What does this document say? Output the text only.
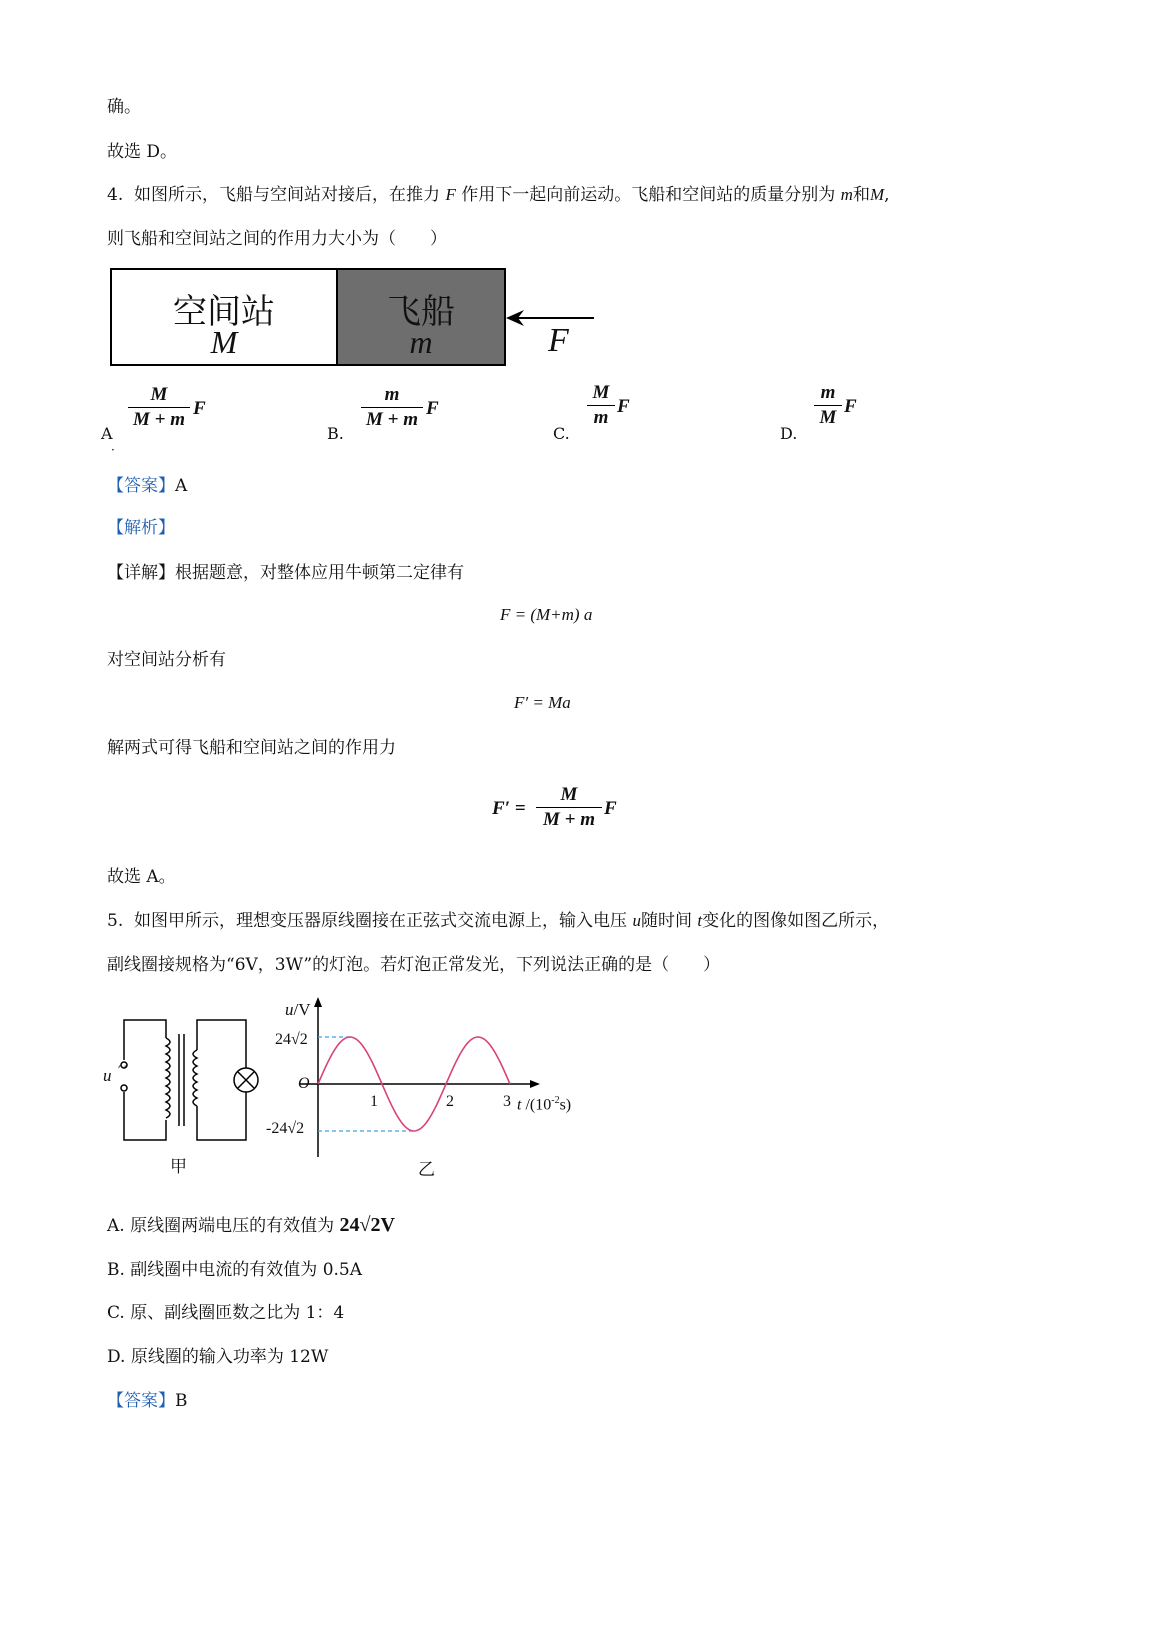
确。
故选 D。
4. 如图所示，飞船与空间站对接后，在推力 F 作用下一起向前运动。飞船和空间站的质量分别为 m和M,
则飞船和空间站之间的作用力大小为（　　）
空间站
M
飞船
m	F
A
M
M + m
F
·
B.
m
M + m
F
C.
M
m
F
D.
m
M
F
【答案】A
【解析】
【详解】根据题意，对整体应用牛顿第二定律有
F = (M+m) a
对空间站分析有
F′ = Ma
解两式可得飞船和空间站之间的作用力
F′ =
M
M + m
F
故选 A。
5. 如图甲所示，理想变压器原线圈接在正弦式交流电源上，输入电压 u随时间 t变化的图像如图乙所示，
副线圈接规格为“6V，3W”的灯泡。若灯泡正常发光，下列说法正确的是（　　）
u ~
甲
u/V
t $/(10^{-2}s)$
O
24√2
-24√2
1	2	3
乙
A. 原线圈两端电压的有效值为 24√2V
B. 副线圈中电流的有效值为 0.5A
C. 原、副线圈匝数之比为 1：4
D. 原线圈的输入功率为 12W
【答案】B
